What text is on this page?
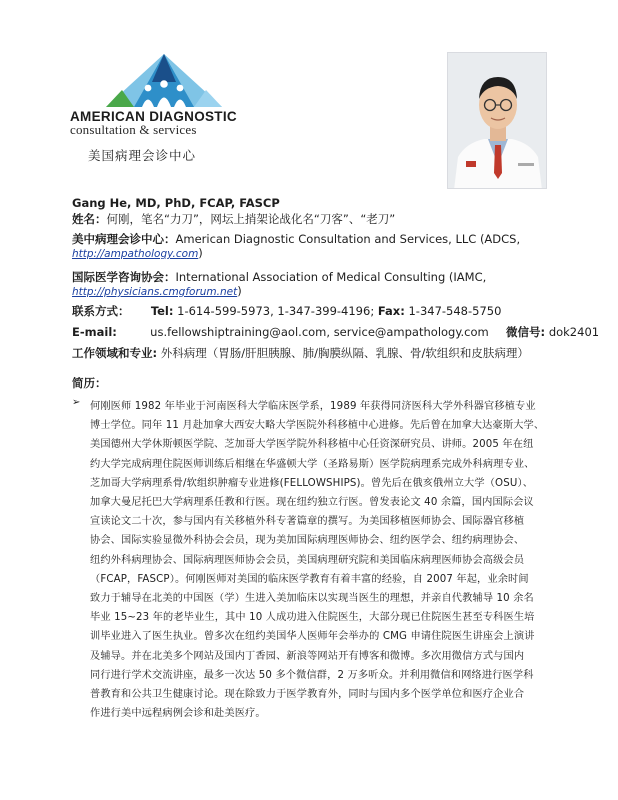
AMERICAN DIAGNOSTIC
consultation & services
美国病理会诊中心
Gang He, MD, PhD, FCAP, FASCP
姓名：何刚，笔名“力刀”，网坛上捎架论战化名“刀客”、“老刀”
美中病理会诊中心：American Diagnostic Consultation and Services, LLC (ADCS,
http://ampathology.com)
国际医学咨询协会：International Association of Medical Consulting (IAMC,
http://physicians.cmgforum.net)
联系方式： Tel: 1-614-599-5973, 1-347-399-4196; Fax: 1-347-548-5750
E-mail:	us.fellowshiptraining@aol.com, service@ampathology.com 微信号: dok2401
工作领域和专业: 外科病理（胃肠/肝胆胰腺、肺/胸膜纵隔、乳腺、骨/软组织和皮肤病理）
简历：
➢ 何刚医师 1982 年毕业于河南医科大学临床医学系，1989 年获得同济医科大学外科器官移植专业
博士学位。同年 11 月赴加拿大西安大略大学医院外科移植中心进修。先后曾在加拿大达豪斯大学、
美国德州大学休斯顿医学院、芝加哥大学医学院外科移植中心任资深研究员、讲师。2005 年在纽
约大学完成病理住院医师训练后相继在华盛顿大学（圣路易斯）医学院病理系完成外科病理专业、
芝加哥大学病理系骨/软组织肿瘤专业进修(FELLOWSHIPS)。曾先后在俄亥俄州立大学（OSU）、
加拿大曼尼托巴大学病理系任教和行医。现在纽约独立行医。曾发表论文 40 余篇，国内国际会议
宣读论文二十次，参与国内有关移植外科专著篇章的撰写。为美国移植医师协会、国际器官移植
协会、国际实验显微外科协会会员，现为美加国际病理医师协会、纽约医学会、纽约病理协会、
纽约外科病理协会、国际病理医师协会会员，美国病理研究院和美国临床病理医师协会高级会员
（FCAP，FASCP）。何刚医师对美国的临床医学教育有着丰富的经验，自 2007 年起，业余时间
致力于辅导在北美的中国医（学）生进入美加临床以实现当医生的理想，并亲自代教辅导 10 余名
毕业 15~23 年的老毕业生，其中 10 人成功进入住院医生，大部分现已住院医生甚至专科医生培
训毕业进入了医生执业。曾多次在纽约美国华人医师年会举办的 CMG 申请住院医生讲座会上演讲
及辅导。并在北美多个网站及国内丁香园、新浪等网站开有博客和微博。多次用微信方式与国内
同行进行学术交流讲座，最多一次达 50 多个微信群，2 万多听众。并利用微信和网络进行医学科
普教育和公共卫生健康讨论。现在除致力于医学教育外，同时与国内多个医学单位和医疗企业合
作进行美中远程病例会诊和赴美医疗。
